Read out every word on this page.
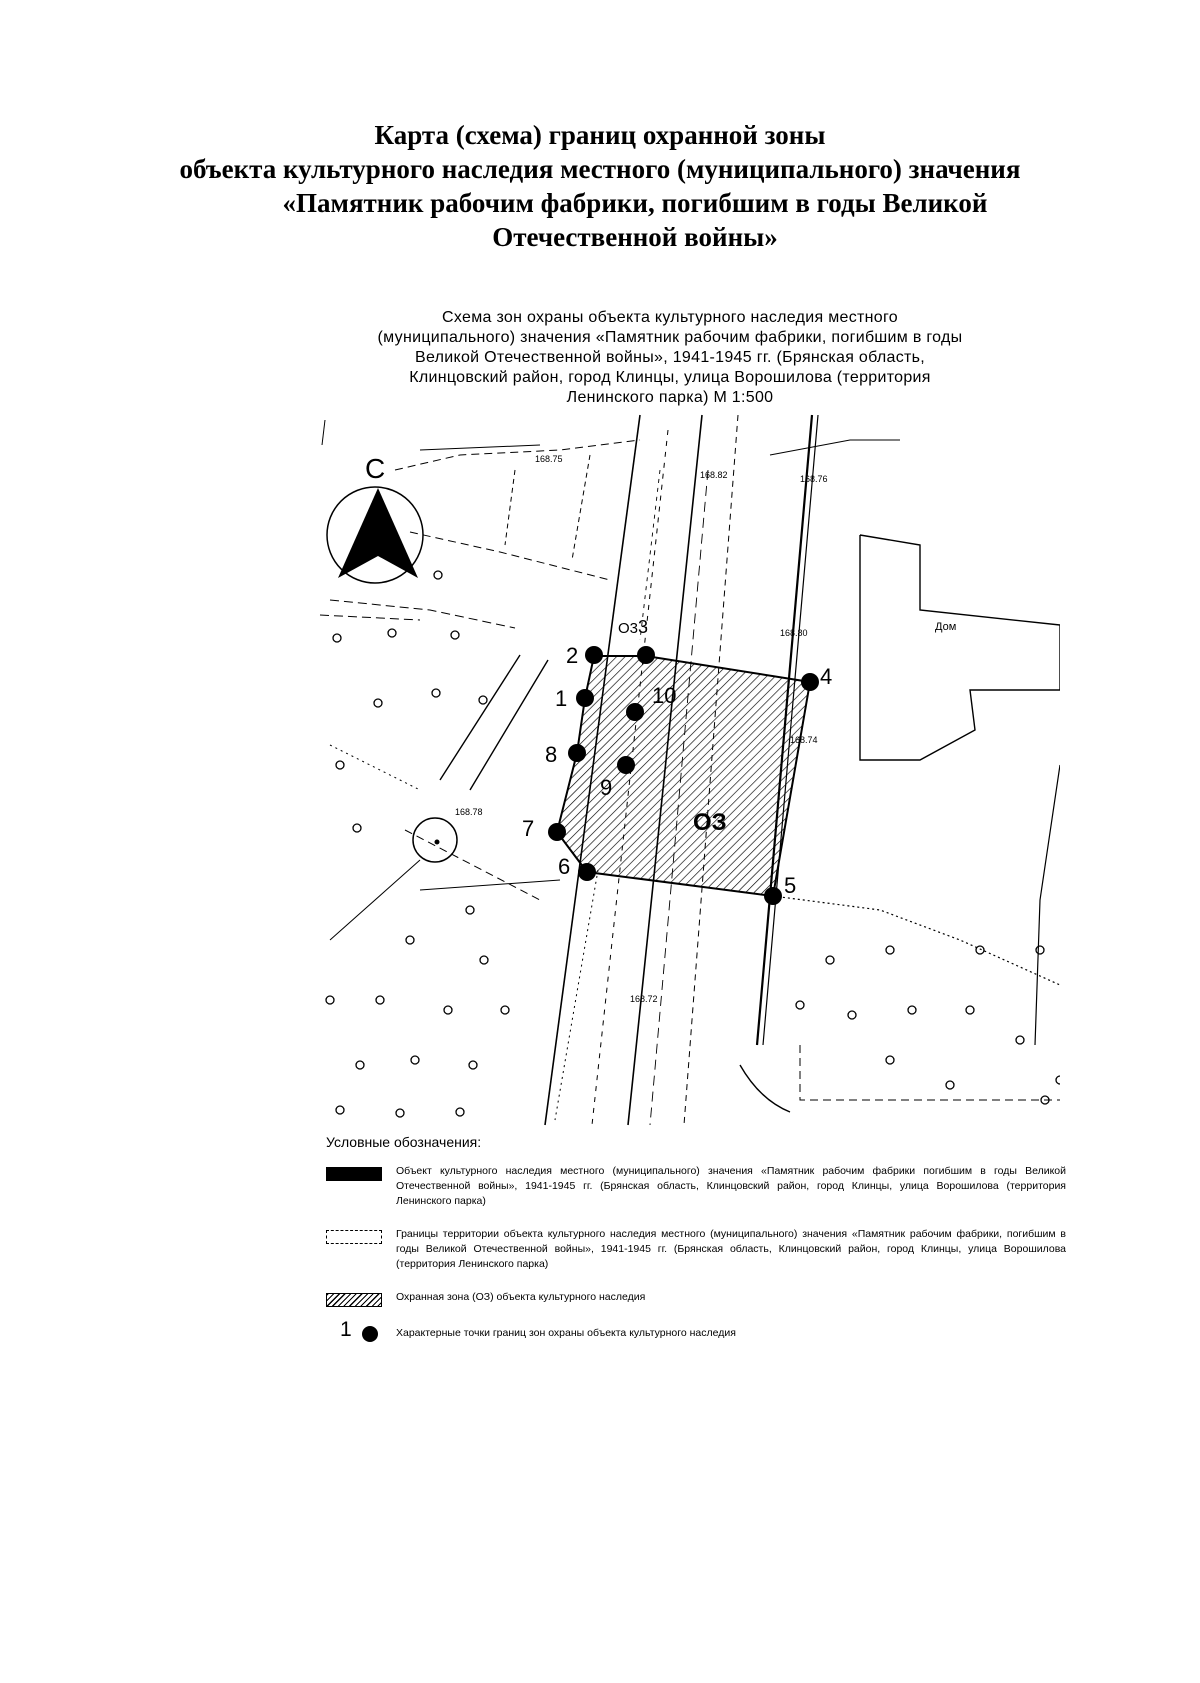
Карта (схема) границ охранной зоны
объекта культурного наследия местного (муниципального) значения

«Памятник рабочим фабрики, погибшим в годы Великой
Отечественной войны»
Схема зон охраны объекта культурного наследия местного
(муниципального) значения «Памятник рабочим фабрики, погибшим в годы
Великой Отечественной войны», 1941-1945 гг. (Брянская область,
Клинцовский район, город Клинцы, улица Ворошилова (территория
Ленинского парка) М 1:500
С
1
2
3
4
5
6
7
8
9
10
ОЗ
О3	Дом
168.75
168.76
168.82
168.80
168.74
168.78
168.72
Условные обозначения:
Объект культурного наследия местного (муниципального) значения «Памятник рабочим фабрики погибшим в годы Великой Отечественной войны», 1941-1945 гг. (Брянская область, Клинцовский район, город Клинцы, улица Ворошилова (территория Ленинского парка)
Границы территории объекта культурного наследия местного (муниципального) значения «Памятник рабочим фабрики, погибшим в годы Великой Отечественной войны», 1941-1945 гг. (Брянская область, Клинцовский район, город Клинцы, улица Ворошилова (территория Ленинского парка)
Охранная зона (ОЗ) объекта культурного наследия
1	Характерные точки границ зон охраны объекта культурного наследия
